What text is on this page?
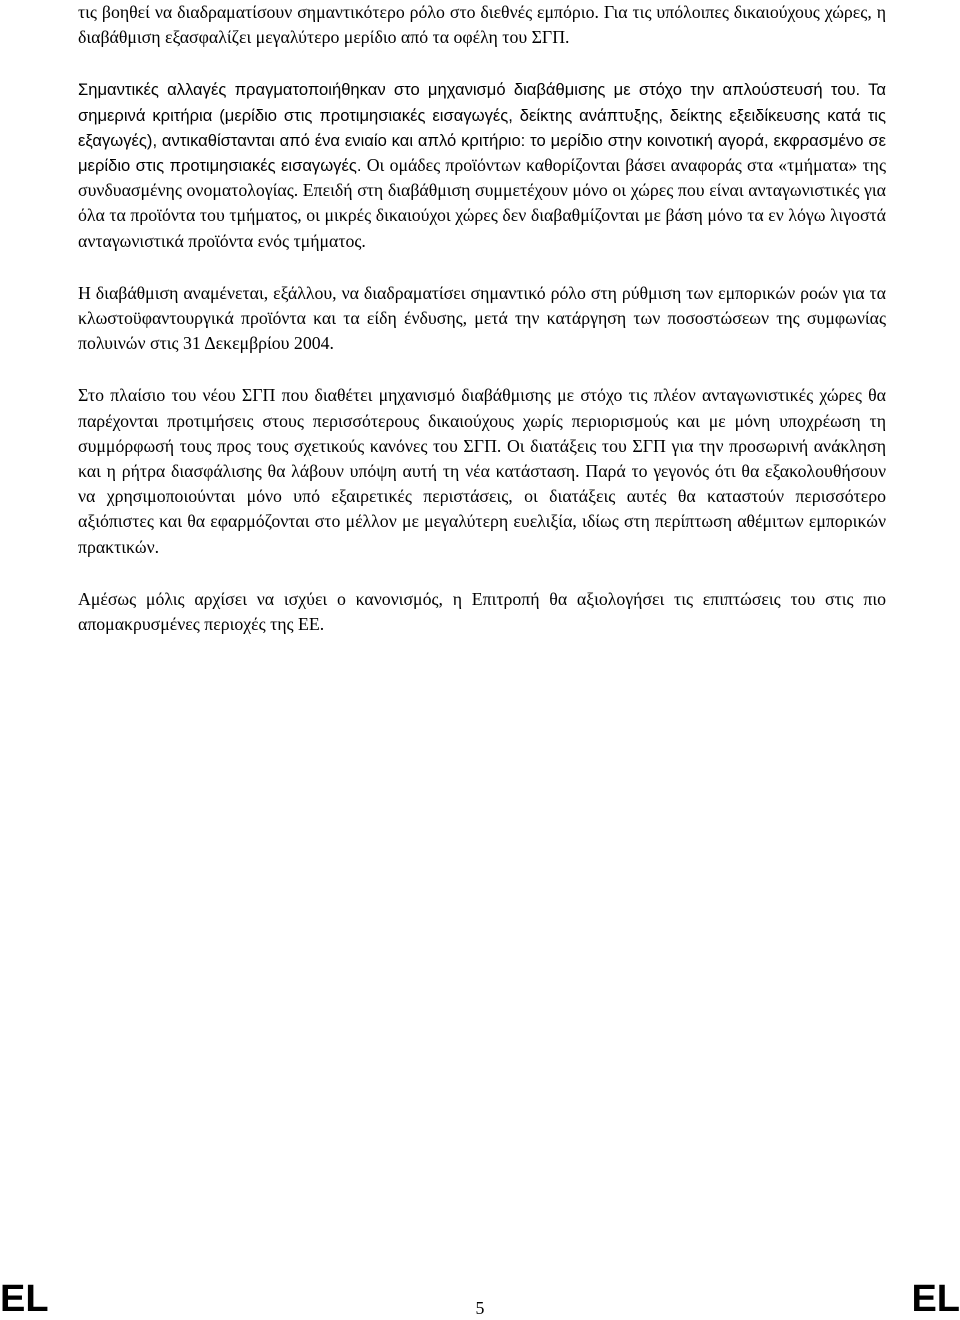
τις βοηθεί να διαδραματίσουν σημαντικότερο ρόλο στο διεθνές εμπόριο. Για τις υπόλοιπες δικαιούχους χώρες, η διαβάθμιση εξασφαλίζει μεγαλύτερο μερίδιο από τα οφέλη του ΣΓΠ.

Σημαντικές αλλαγές πραγματοποιήθηκαν στο μηχανισμό διαβάθμισης με στόχο την απλούστευσή του. Τα σημερινά κριτήρια (μερίδιο στις προτιμησιακές εισαγωγές, δείκτης ανάπτυξης, δείκτης εξειδίκευσης κατά τις εξαγωγές), αντικαθίστανται από ένα ενιαίο και απλό κριτήριο: το μερίδιο στην κοινοτική αγορά, εκφρασμένο σε μερίδιο στις προτιμησιακές εισαγωγές. Οι ομάδες προϊόντων καθορίζονται βάσει αναφοράς στα «τμήματα» της συνδυασμένης ονοματολογίας. Επειδή στη διαβάθμιση συμμετέχουν μόνο οι χώρες που είναι ανταγωνιστικές για όλα τα προϊόντα του τμήματος, οι μικρές δικαιούχοι χώρες δεν διαβαθμίζονται με βάση μόνο τα εν λόγω λιγοστά ανταγωνιστικά προϊόντα ενός τμήματος.

Η διαβάθμιση αναμένεται, εξάλλου, να διαδραματίσει σημαντικό ρόλο στη ρύθμιση των εμπορικών ροών για τα κλωστοϋφαντουργικά προϊόντα και τα είδη ένδυσης, μετά την κατάργηση των ποσοστώσεων της συμφωνίας πολυινών στις 31 Δεκεμβρίου 2004.

Στο πλαίσιο του νέου ΣΓΠ που διαθέτει μηχανισμό διαβάθμισης με στόχο τις πλέον ανταγωνιστικές χώρες θα παρέχονται προτιμήσεις στους περισσότερους δικαιούχους χωρίς περιορισμούς και με μόνη υποχρέωση τη συμμόρφωσή τους προς τους σχετικούς κανόνες του ΣΓΠ. Οι διατάξεις του ΣΓΠ για την προσωρινή ανάκληση και η ρήτρα διασφάλισης θα λάβουν υπόψη αυτή τη νέα κατάσταση. Παρά το γεγονός ότι θα εξακολουθήσουν να χρησιμοποιούνται μόνο υπό εξαιρετικές περιστάσεις, οι διατάξεις αυτές θα καταστούν περισσότερο αξιόπιστες και θα εφαρμόζονται στο μέλλον με μεγαλύτερη ευελιξία, ιδίως στη περίπτωση αθέμιτων εμπορικών πρακτικών.

Αμέσως μόλις αρχίσει να ισχύει ο κανονισμός, η Επιτροπή θα αξιολογήσει τις επιπτώσεις του στις πιο απομακρυσμένες περιοχές της ΕΕ.

EL	5	EL
